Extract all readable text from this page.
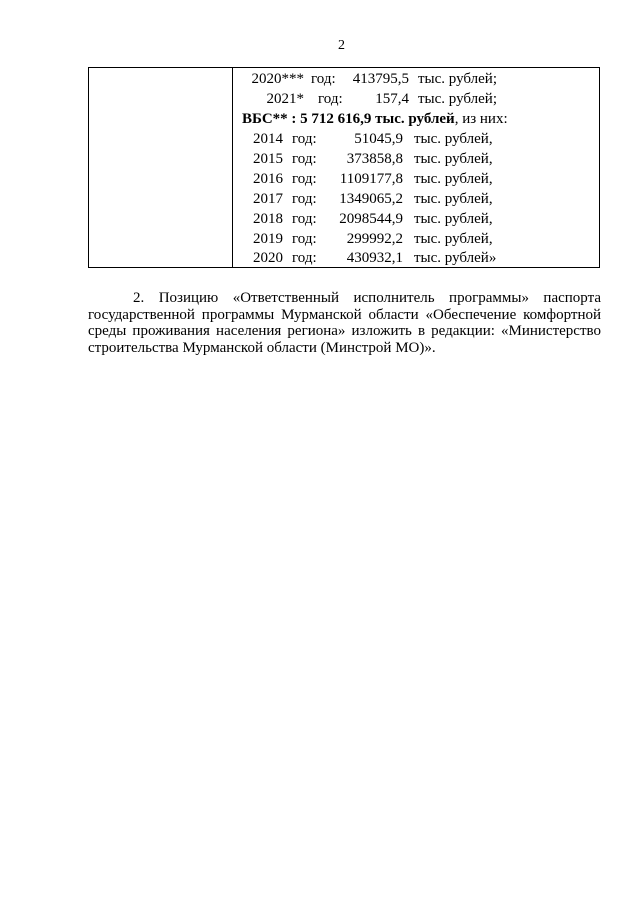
2
2020*** год:	413795,5 тыс. рублей;
2021* год:	157,4 тыс. рублей;
ВБС** : 5 712 616,9 тыс. рублей, из них:
2014 год:	51045,9 тыс. рублей,
2015 год:	373858,8 тыс. рублей,
2016 год:	1109177,8 тыс. рублей,
2017 год:	1349065,2 тыс. рублей,
2018 год:	2098544,9 тыс. рублей,
2019 год:	299992,2 тыс. рублей,
2020 год:	430932,1 тыс. рублей»

2. Позицию «Ответственный исполнитель программы» паспорта государственной программы Мурманской области «Обеспечение комфортной среды проживания населения региона» изложить в редакции: «Министерство строительства Мурманской области (Минстрой МО)».
